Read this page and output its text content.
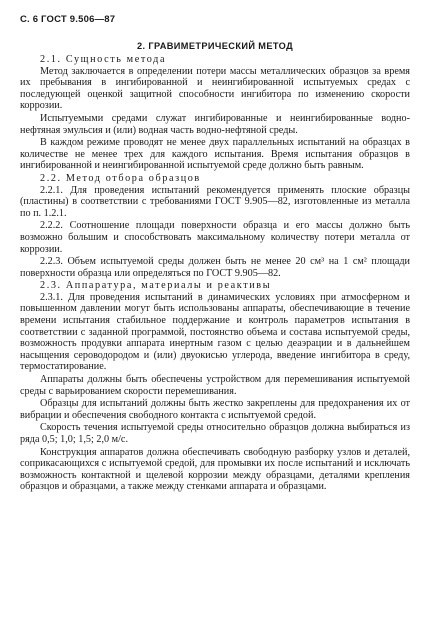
С. 6 ГОСТ 9.506—87
2. ГРАВИМЕТРИЧЕСКИЙ МЕТОД

2.1. Сущность метода

Метод заключается в определении потери массы металлических образцов за время их пребывания в ингибированной и неингибированной испытуемых средах с последующей оценкой защитной способности ингибитора по изменению скорости коррозии.

Испытуемыми средами служат ингибированные и неингибированные водно-нефтяная эмульсия и (или) водная часть водно-нефтяной среды.

В каждом режиме проводят не менее двух параллельных испытаний на образцах в количестве не менее трех для каждого испытания. Время испытания образцов в ингибированной и неингибированной испытуемой среде должно быть равным.

2.2. Метод отбора образцов

2.2.1. Для проведения испытаний рекомендуется применять плоские образцы (пластины) в соответствии с требованиями ГОСТ 9.905—82, изготовленные из металла по п. 1.2.1.

2.2.2. Соотношение площади поверхности образца и его массы должно быть возможно большим и способствовать максимальному количеству потери металла от коррозии.

2.2.3. Объем испытуемой среды должен быть не менее 20 см³ на 1 см² площади поверхности образца или определяться по ГОСТ 9.905—82.

2.3. Аппаратура, материалы и реактивы

2.3.1. Для проведения испытаний в динамических условиях при атмосферном и повышенном давлении могут быть использованы аппараты, обеспечивающие в течение времени испытания стабильное поддержание и контроль параметров испытания в соответствии с заданной программой, постоянство объема и состава испытуемой среды, возможность продувки аппарата инертным газом с целью деаэрации и в дальнейшем насыщения сероводородом и (или) двуокисью углерода, введение ингибитора в среду, термостатирование.

Аппараты должны быть обеспечены устройством для перемешивания испытуемой среды с варьированием скорости перемешивания.

Образцы для испытаний должны быть жестко закреплены для предохранения их от вибрации и обеспечения свободного контакта с испытуемой средой.

Скорость течения испытуемой среды относительно образцов должна выбираться из ряда 0,5; 1,0; 1,5; 2,0 м/с.

Конструкция аппаратов должна обеспечивать свободную разборку узлов и деталей, соприкасающихся с испытуемой средой, для промывки их после испытаний и исключать возможность контактной и щелевой коррозии между образцами, деталями крепления образцов и образцами, а также между стенками аппарата и образцами.
